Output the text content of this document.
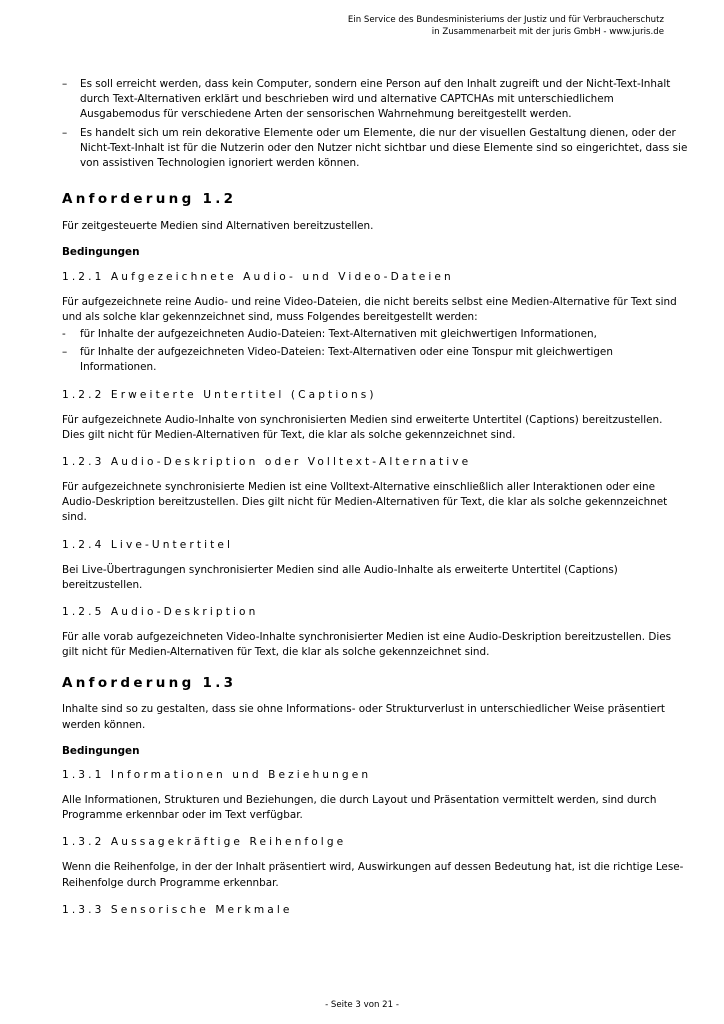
Ein Service des Bundesministeriums der Justiz und für Verbraucherschutz
in Zusammenarbeit mit der juris GmbH - www.juris.de
– Es soll erreicht werden, dass kein Computer, sondern eine Person auf den Inhalt zugreift und der Nicht-Text-Inhalt durch Text-Alternativen erklärt und beschrieben wird und alternative CAPTCHAs mit unterschiedlichem Ausgabemodus für verschiedene Arten der sensorischen Wahrnehmung bereitgestellt werden.
– Es handelt sich um rein dekorative Elemente oder um Elemente, die nur der visuellen Gestaltung dienen, oder der Nicht-Text-Inhalt ist für die Nutzerin oder den Nutzer nicht sichtbar und diese Elemente sind so eingerichtet, dass sie von assistiven Technologien ignoriert werden können.
Anforderung 1.2

Für zeitgesteuerte Medien sind Alternativen bereitzustellen.

Bedingungen

1.2.1 Aufgezeichnete Audio- und Video-Dateien

Für aufgezeichnete reine Audio- und reine Video-Dateien, die nicht bereits selbst eine Medien-Alternative für Text sind und als solche klar gekennzeichnet sind, muss Folgendes bereitgestellt werden:

- für Inhalte der aufgezeichneten Audio-Dateien: Text-Alternativen mit gleichwertigen Informationen,
– für Inhalte der aufgezeichneten Video-Dateien: Text-Alternativen oder eine Tonspur mit gleichwertigen Informationen.
1.2.2 Erweiterte Untertitel (Captions)

Für aufgezeichnete Audio-Inhalte von synchronisierten Medien sind erweiterte Untertitel (Captions) bereitzustellen. Dies gilt nicht für Medien-Alternativen für Text, die klar als solche gekennzeichnet sind.

1.2.3 Audio-Deskription oder Volltext-Alternative

Für aufgezeichnete synchronisierte Medien ist eine Volltext-Alternative einschließlich aller Interaktionen oder eine Audio-Deskription bereitzustellen. Dies gilt nicht für Medien-Alternativen für Text, die klar als solche gekennzeichnet sind.

1.2.4 Live-Untertitel

Bei Live-Übertragungen synchronisierter Medien sind alle Audio-Inhalte als erweiterte Untertitel (Captions) bereitzustellen.

1.2.5 Audio-Deskription

Für alle vorab aufgezeichneten Video-Inhalte synchronisierter Medien ist eine Audio-Deskription bereitzustellen. Dies gilt nicht für Medien-Alternativen für Text, die klar als solche gekennzeichnet sind.

Anforderung 1.3

Inhalte sind so zu gestalten, dass sie ohne Informations- oder Strukturverlust in unterschiedlicher Weise präsentiert werden können.

Bedingungen

1.3.1 Informationen und Beziehungen

Alle Informationen, Strukturen und Beziehungen, die durch Layout und Präsentation vermittelt werden, sind durch Programme erkennbar oder im Text verfügbar.

1.3.2 Aussagekräftige Reihenfolge

Wenn die Reihenfolge, in der der Inhalt präsentiert wird, Auswirkungen auf dessen Bedeutung hat, ist die richtige Lese-Reihenfolge durch Programme erkennbar.

1.3.3 Sensorische Merkmale
- Seite 3 von 21 -
